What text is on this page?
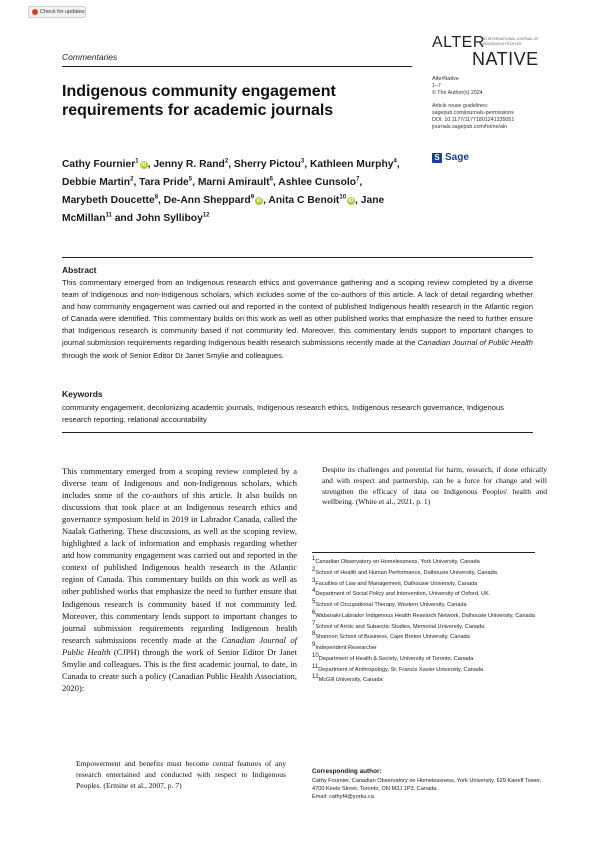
Check for updates
Commentaries
ALTER
AN INTERNATIONAL JOURNAL OF INDIGENOUS PEOPLES
NATIVE
AlterNative
1–7
© The Author(s) 2024
Article reuse guidelines:
sagepub.com/journals-permissions
DOI: 10.1177/11771801241235051
journals.sagepub.com/home/aln
S Sage
Indigenous community engagement requirements for academic journals
Cathy Fournier$^1$iD , Jenny R. Rand$^2$, Sherry Pictou$^3$, Kathleen Murphy$^4$, Debbie Martin$^2$, Tara Pride$^5$, Marni Amirault$^6$, Ashlee Cunsolo$^7$, Marybeth Doucette$^8$, De-Ann Sheppard$^9$iD , Anita C Benoit$^{10}$iD , Jane McMillan$^{11}$ and John Sylliboy$^{12}$
Abstract

This commentary emerged from an Indigenous research ethics and governance gathering and a scoping review completed by a diverse team of Indigenous and non-Indigenous scholars, which includes some of the co-authors of this article. A lack of detail regarding whether and how community engagement was carried out and reported in the context of published Indigenous health research in the Atlantic region of Canada were identified. This commentary builds on this work as well as other published works that emphasize the need to further ensure that Indigenous research is community based if not community led. Moreover, this commentary lends support to important changes to journal submission requirements regarding Indigenous health research submissions recently made at the Canadian Journal of Public Health through the work of Senior Editor Dr Janet Smylie and colleagues.

Keywords

community engagement, decolonizing academic journals, Indigenous research ethics, Indigenous research governance, Indigenous research reporting, relational accountability

This commentary emerged from a scoping review completed by a diverse team of Indigenous and non-Indigenous scholars, which includes some of the co-authors of this article. It also builds on discussions that took place at an Indigenous research ethics and governance symposium held in 2019 in Labrador Canada, called the Naalak Gathering. These discussions, as well as the scoping review, highlighted a lack of information and emphasis regarding whether and how community engagement was carried out and reported in the context of published Indigenous health research in the Atlantic region of Canada. This commentary builds on this work as well as other published works that emphasize the need to further ensure that Indigenous research is community based if not community led. Moreover, this commentary lends support to important changes to journal submission requirements regarding Indigenous health research submissions recently made at the Canadian Journal of Public Health (CJPH) through the work of Senior Editor Dr Janet Smylie and colleagues. This is the first academic journal, to date, in Canada to create such a policy (Canadian Public Health Association, 2020):

Empowerment and benefits must become central features of any research entertained and conducted with respect to Indigenous Peoples. (Ermine et al., 2007, p. 7)

Despite its challenges and potential for harm, research, if done ethically and with respect and partnership, can be a force for change and will strengthen the efficacy of data on Indigenous Peoples' health and wellbeing. (White et al., 2021, p. 1)

$^1$Canadian Observatory on Homelessness, York University, Canada
$^2$School of Health and Human Performance, Dalhousie University, Canada
$^3$Faculties of Law and Management, Dalhousie University, Canada
$^4$Department of Social Policy and Intervention, University of Oxford, UK
$^5$School of Occupational Therapy, Western University, Canada
$^6$Wabanaki-Labrador Indigenous Health Research Network, Dalhousie University, Canada
$^7$School of Arctic and Subarctic Studies, Memorial University, Canada
$^8$Shannon School of Business, Cape Breton University, Canada
$^9$Independent Researcher
$^{10}$Department of Health & Society, University of Toronto, Canada
$^{11}$Department of Anthropology, St. Francis Xavier University, Canada
$^{12}$McGill University, Canada
Corresponding author:

Cathy Fournier, Canadian Observatory on Homelessness, York University, 629 Kaneff Tower, 4700 Keele Street, Toronto, ON M3J 1P3, Canada.
Email: cathyf4@yorku.ca
